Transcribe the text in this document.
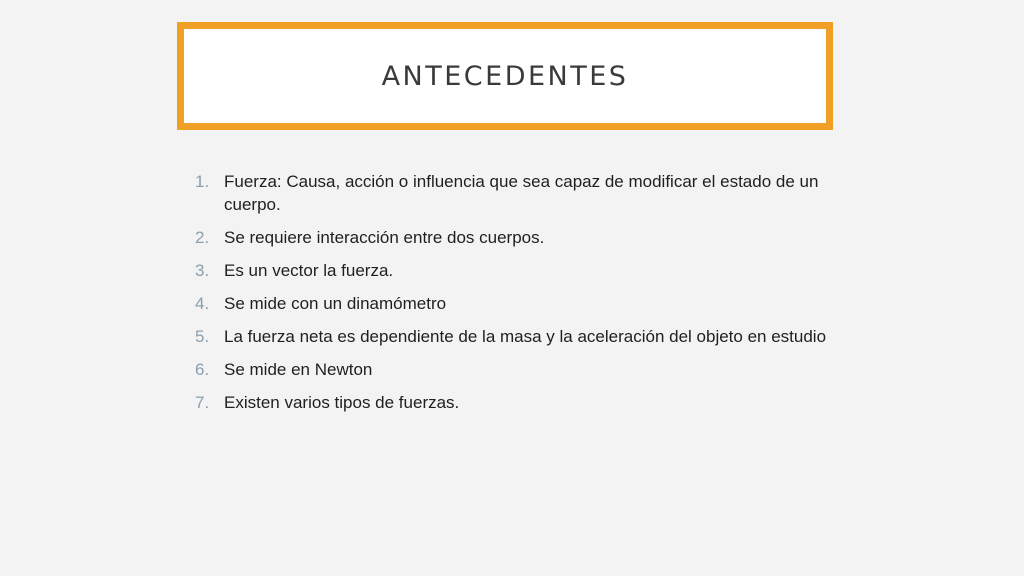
ANTECEDENTES
1. Fuerza: Causa, acción o influencia que sea capaz de modificar el estado de un cuerpo.
2. Se requiere interacción entre dos cuerpos.
3. Es un vector la fuerza.
4. Se mide con un dinamómetro
5. La fuerza neta es dependiente de la masa y la aceleración del objeto en estudio
6. Se mide en Newton
7. Existen varios tipos de fuerzas.
